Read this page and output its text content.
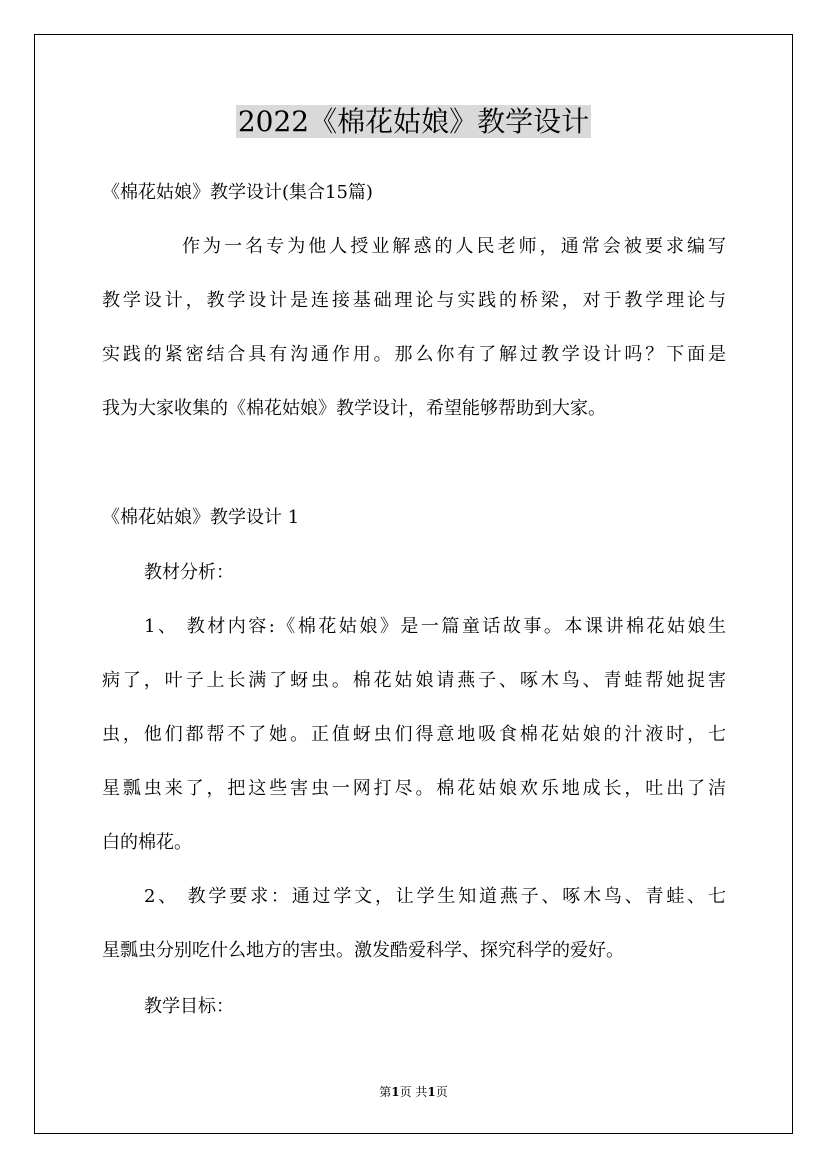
2022《棉花姑娘》教学设计
《棉花姑娘》教学设计(集合15篇)
作为一名专为他人授业解惑的人民老师，通常会被要求编写
教学设计，教学设计是连接基础理论与实践的桥梁，对于教学理论与
实践的紧密结合具有沟通作用。那么你有了解过教学设计吗？下面是
我为大家收集的《棉花姑娘》教学设计，希望能够帮助到大家。
《棉花姑娘》教学设计 1
教材分析：
1、 教材内容:《棉花姑娘》是一篇童话故事。本课讲棉花姑娘生
病了，叶子上长满了蚜虫。棉花姑娘请燕子、啄木鸟、青蛙帮她捉害
虫，他们都帮不了她。正值蚜虫们得意地吸食棉花姑娘的汁液时，七
星瓢虫来了，把这些害虫一网打尽。棉花姑娘欢乐地成长，吐出了洁
白的棉花。
2、 教学要求：通过学文，让学生知道燕子、啄木鸟、青蛙、七
星瓢虫分别吃什么地方的害虫。激发酷爱科学、探究科学的爱好。
教学目标：
第1页 共1页
